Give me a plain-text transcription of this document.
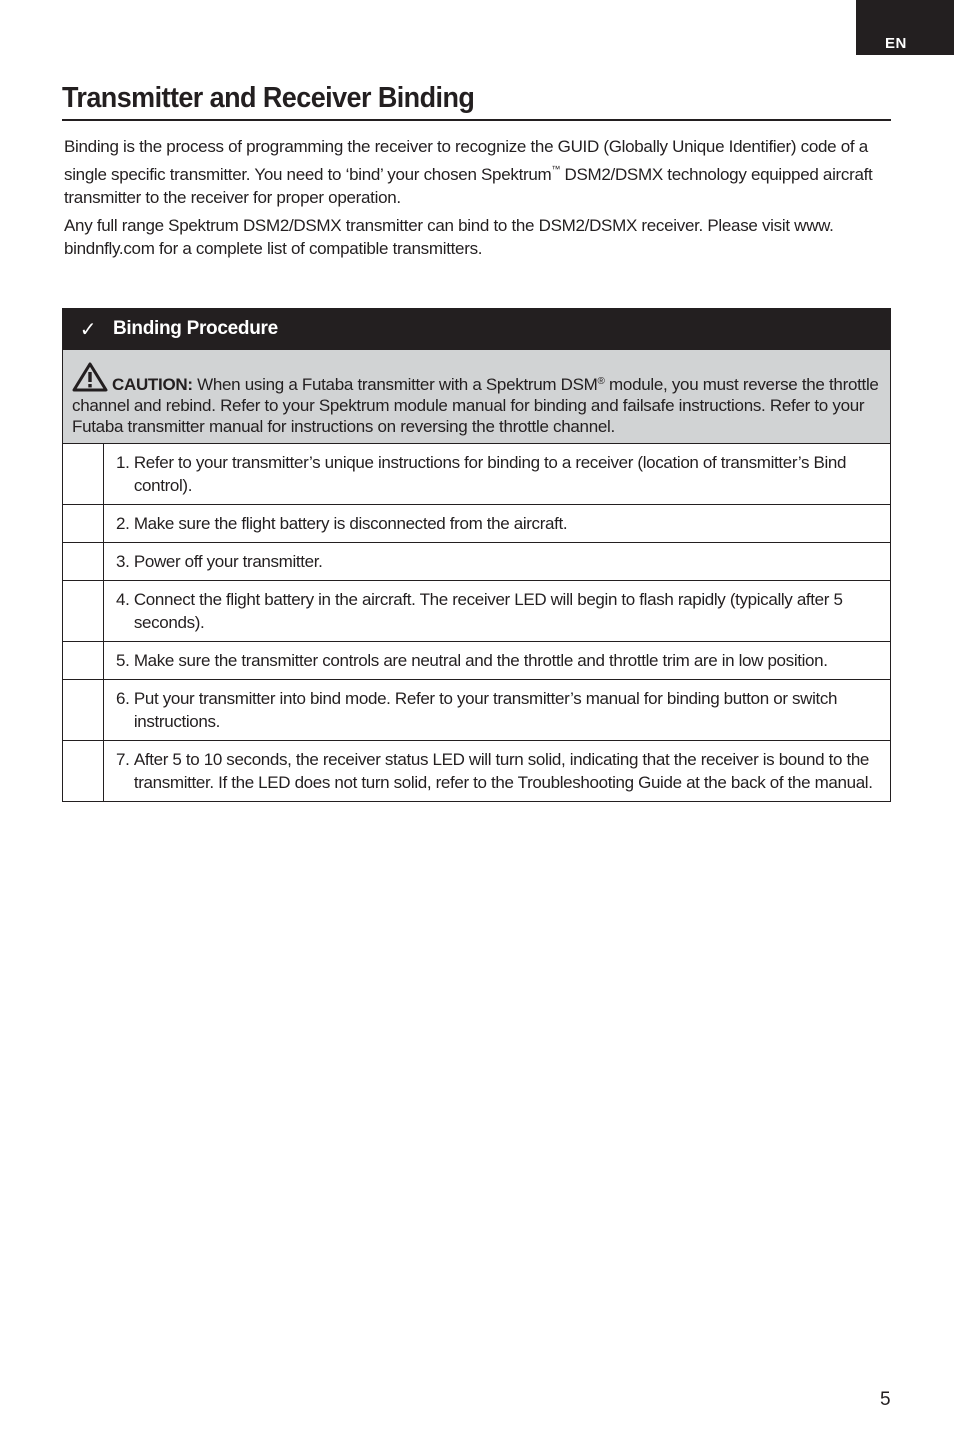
EN
Transmitter and Receiver Binding

Binding is the process of programming the receiver to recognize the GUID (Globally Unique Identifier) code of a single specific transmitter. You need to ‘bind’ your chosen Spektrum™ DSM2/DSMX technology equipped aircraft transmitter to the receiver for proper operation.

Any full range Spektrum DSM2/DSMX transmitter can bind to the DSM2/DSMX receiver. Please visit www. bindnfly.com for a complete list of compatible transmitters.

✓ Binding Procedure
CAUTION: When using a Futaba transmitter with a Spektrum DSM® module, you must reverse the throttle channel and rebind. Refer to your Spektrum module manual for binding and failsafe instructions. Refer to your Futaba transmitter manual for instructions on reversing the throttle channel.
1. Refer to your transmitter’s unique instructions for binding to a receiver (location of transmitter’s Bind control).
2. Make sure the flight battery is disconnected from the aircraft.
3. Power off your transmitter.
4. Connect the flight battery in the aircraft. The receiver LED will begin to flash rapidly (typically after 5 seconds).
5. Make sure the transmitter controls are neutral and the throttle and throttle trim are in low position.
6. Put your transmitter into bind mode. Refer to your transmitter’s manual for binding button or switch instructions.
7. After 5 to 10 seconds, the receiver status LED will turn solid, indicating that the receiver is bound to the transmitter. If the LED does not turn solid, refer to the Troubleshooting Guide at the back of the manual.
5
